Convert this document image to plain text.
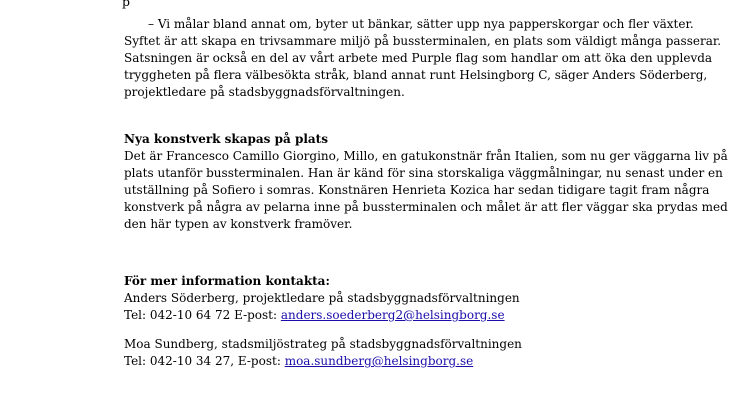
p
– Vi målar bland annat om, byter ut bänkar, sätter upp nya papperskorgar och fler växter.
Syftet är att skapa en trivsammare miljö på bussterminalen, en plats som väldigt många passerar.
Satsningen är också en del av vårt arbete med Purple flag som handlar om att öka den upplevda
tryggheten på flera välbesökta stråk, bland annat runt Helsingborg C, säger Anders Söderberg,
projektledare på stadsbyggnadsförvaltningen.
Nya konstverk skapas på plats
Det är Francesco Camillo Giorgino, Millo, en gatukonstnär från Italien, som nu ger väggarna liv på
plats utanför bussterminalen. Han är känd för sina storskaliga väggmålningar, nu senast under en
utställning på Sofiero i somras. Konstnären Henrieta Kozica har sedan tidigare tagit fram några
konstverk på några av pelarna inne på bussterminalen och målet är att fler väggar ska prydas med
den här typen av konstverk framöver.
För mer information kontakta:
Anders Söderberg, projektledare på stadsbyggnadsförvaltningen
Tel: 042-10 64 72 E-post: anders.soederberg2@helsingborg.se
Moa Sundberg, stadsmiljöstrateg på stadsbyggnadsförvaltningen
Tel: 042-10 34 27, E-post: moa.sundberg@helsingborg.se
